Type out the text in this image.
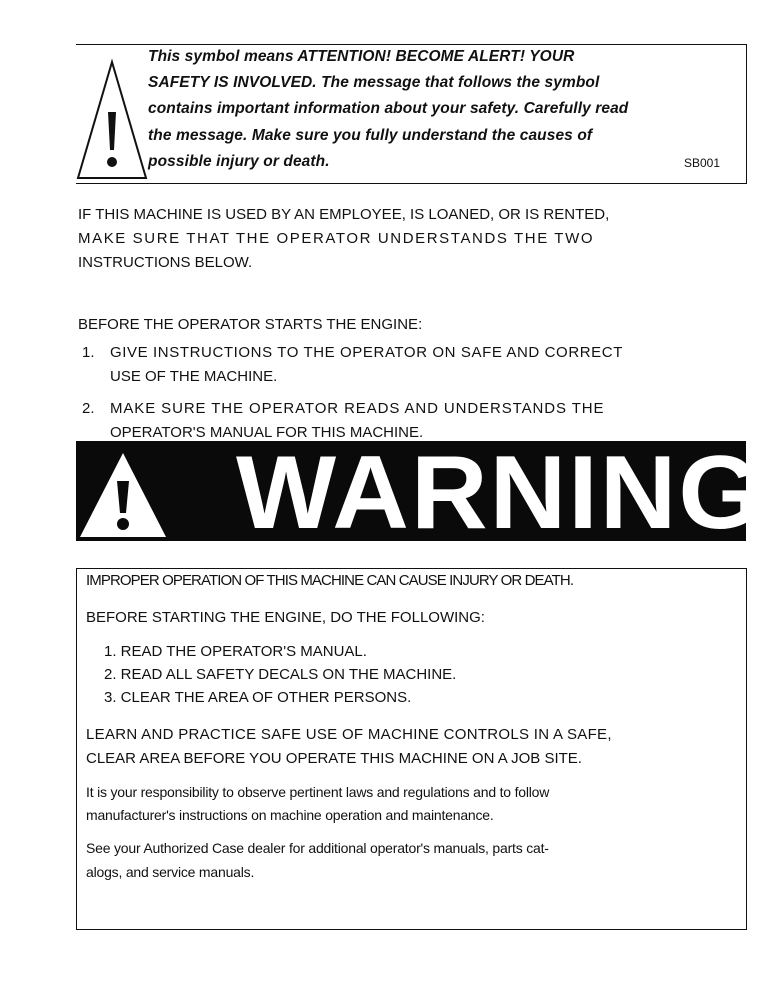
This symbol means ATTENTION! BECOME ALERT! YOUR
SAFETY IS INVOLVED. The message that follows the symbol
contains important information about your safety. Carefully read
the message. Make sure you fully understand the causes of
possible injury or death.	SB001
IF THIS MACHINE IS USED BY AN EMPLOYEE, IS LOANED, OR IS RENTED,
MAKE SURE THAT THE OPERATOR UNDERSTANDS THE TWO
INSTRUCTIONS BELOW.
BEFORE THE OPERATOR STARTS THE ENGINE:
1. GIVE INSTRUCTIONS TO THE OPERATOR ON SAFE AND CORRECT
USE OF THE MACHINE.
2. MAKE SURE THE OPERATOR READS AND UNDERSTANDS THE
OPERATOR'S MANUAL FOR THIS MACHINE.
WARNING
IMPROPER OPERATION OF THIS MACHINE CAN CAUSE INJURY OR DEATH.
BEFORE STARTING THE ENGINE, DO THE FOLLOWING:
1. READ THE OPERATOR'S MANUAL.
2. READ ALL SAFETY DECALS ON THE MACHINE.
3. CLEAR THE AREA OF OTHER PERSONS.
LEARN AND PRACTICE SAFE USE OF MACHINE CONTROLS IN A SAFE,
CLEAR AREA BEFORE YOU OPERATE THIS MACHINE ON A JOB SITE.
It is your responsibility to observe pertinent laws and regulations and to follow
manufacturer's instructions on machine operation and maintenance.
See your Authorized Case dealer for additional operator's manuals, parts cat-
alogs, and service manuals.
